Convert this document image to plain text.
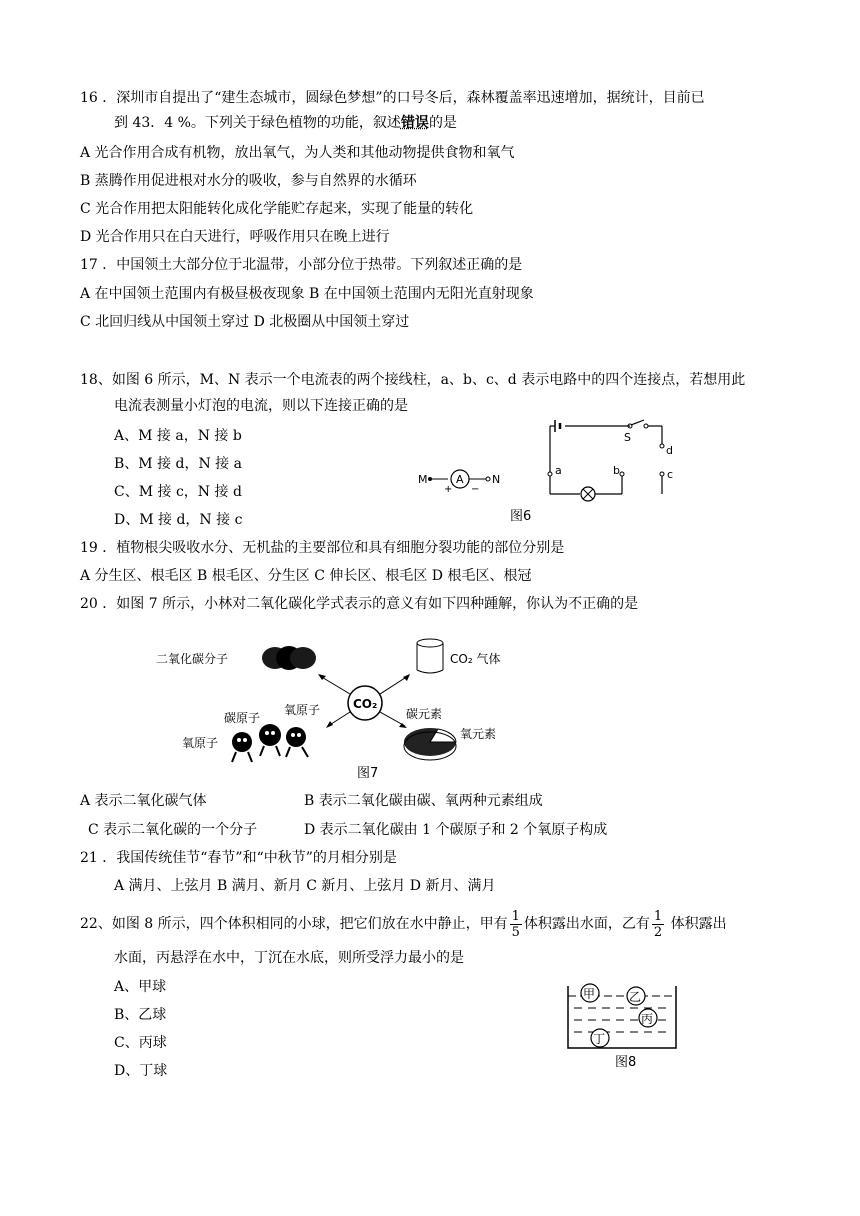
16 ．深圳市自提出了“建生态城市，圆绿色梦想”的口号冬后，森林覆盖率迅速增加，据统计，目前已
到 43．4 %。下列关于绿色植物的功能，叙述错误的是
A 光合作用合成有机物，放出氧气，为人类和其他动物提供食物和氧气
B 蒸腾作用促进根对水分的吸收，参与自然界的水循环
C 光合作用把太阳能转化成化学能贮存起来，实现了能量的转化
D 光合作用只在白天进行，呼吸作用只在晚上进行
17 ．中国领土大部分位于北温带，小部分位于热带。下列叙述正确的是
A 在中国领土范围内有极昼极夜现象 B 在中国领土范围内无阳光直射现象
C 北回归线从中国领土穿过 D 北极圈从中国领土穿过
18、如图 6 所示，M、N 表示一个电流表的两个接线柱，a、b、c、d 表示电路中的四个连接点，若想用此
电流表测量小灯泡的电流，则以下连接正确的是
A、M 接 a，N 接 b
B、M 接 d，N 接 a
C、M 接 c，N 接 d
D、M 接 d，N 接 c
S
d
a	b	c
M	A
+ −
N
图6
19 ．植物根尖吸收水分、无机盐的主要部位和具有细胞分裂功能的部位分别是
A 分生区、根毛区 B 根毛区、分生区 C 伸长区、根毛区 D 根毛区、根冠
20 ．如图 7 所示，小林对二氧化碳化学式表示的意义有如下四种踵解，你认为不正确的是
CO₂
二氧化碳分子	CO₂ 气体
碳原子
氧原子
氧原子
碳元素
氧元素
图7
A 表示二氧化碳气体	B 表示二氧化碳由碳、氧两种元素组成
C 表示二氧化碳的一个分子	D 表示二氧化碳由 1 个碳原子和 2 个氧原子构成
21 ．我国传统佳节“春节”和“中秋节”的月相分别是
A 满月、上弦月 B 满月、新月 C 新月、上弦月 D 新月、满月
22、如图 8 所示，四个体积相同的小球，把它们放在水中静止，甲有 $\frac{1}{5}$ 体积露出水面，乙有 $\frac{1}{2}$ 体积露出
水面，丙悬浮在水中，丁沉在水底，则所受浮力最小的是
A、甲球
B、乙球
C、丙球
D、丁球
甲	乙
丙
丁
图8
